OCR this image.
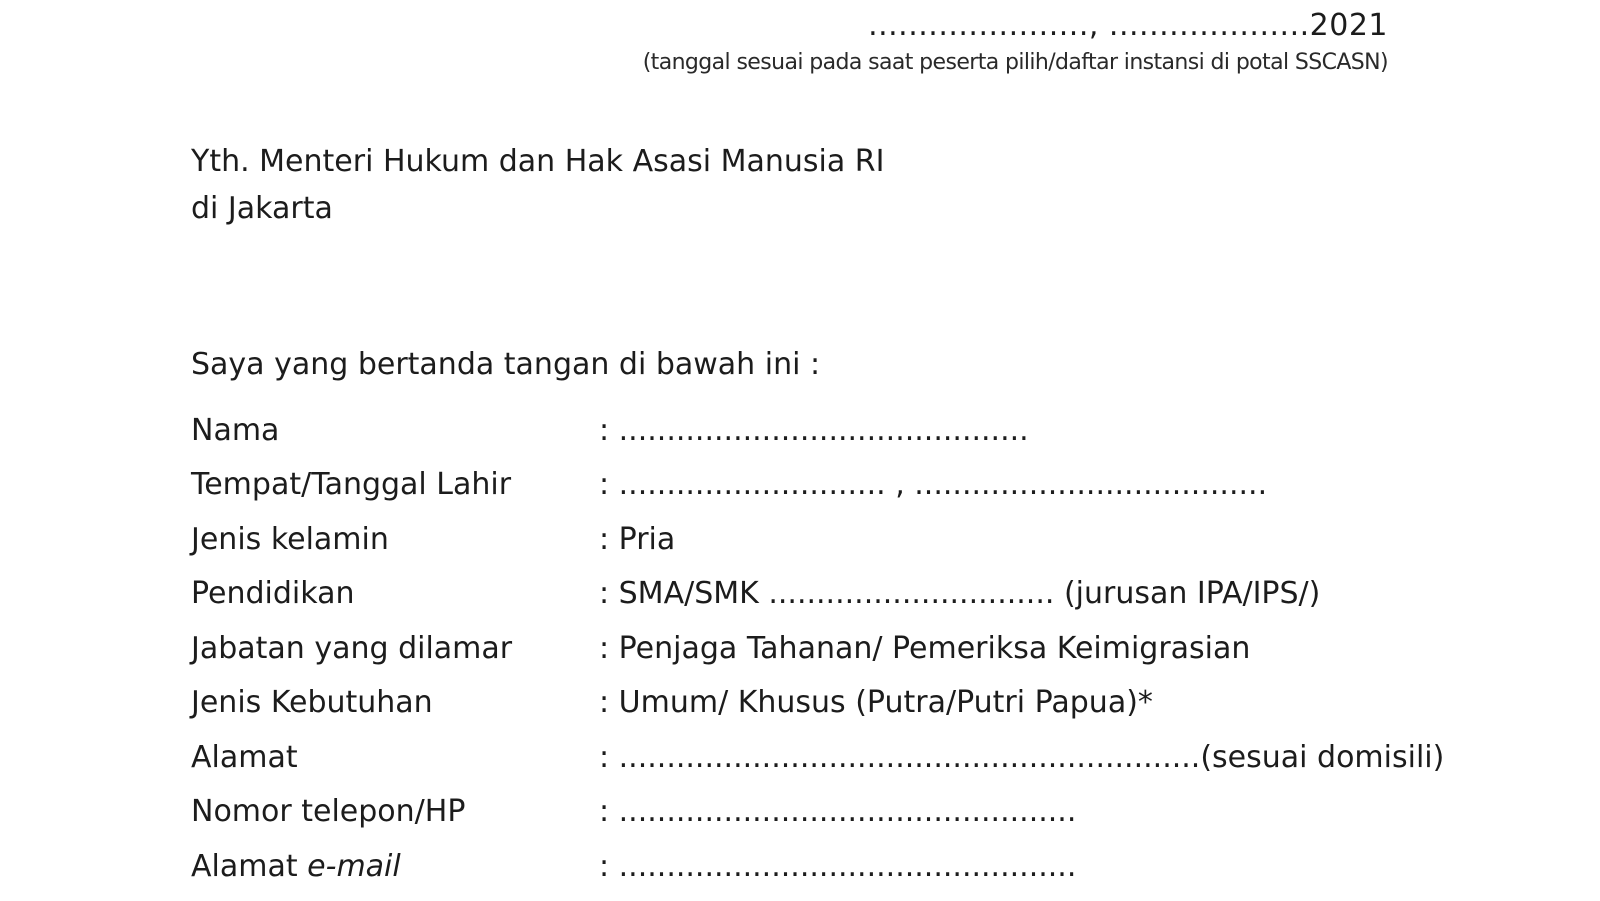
......................, ....................2021
(tanggal sesuai pada saat peserta pilih/daftar instansi di potal SSCASN)
Yth. Menteri Hukum dan Hak Asasi Manusia RI
di Jakarta
Saya yang bertanda tangan di bawah ini :
Nama	: ...........................................
Tempat/Tanggal Lahir	: ............................ , .....................................
Jenis kelamin	: Pria
Pendidikan	: SMA/SMK .............................. (jurusan IPA/IPS/)
Jabatan yang dilamar	: Penjaga Tahanan/ Pemeriksa Keimigrasian
Jenis Kebutuhan	: Umum/ Khusus (Putra/Putri Papua)*
Alamat	: .............................................................(sesuai domisili)
Nomor telepon/HP	: ................................................
Alamat e-mail	: ................................................
